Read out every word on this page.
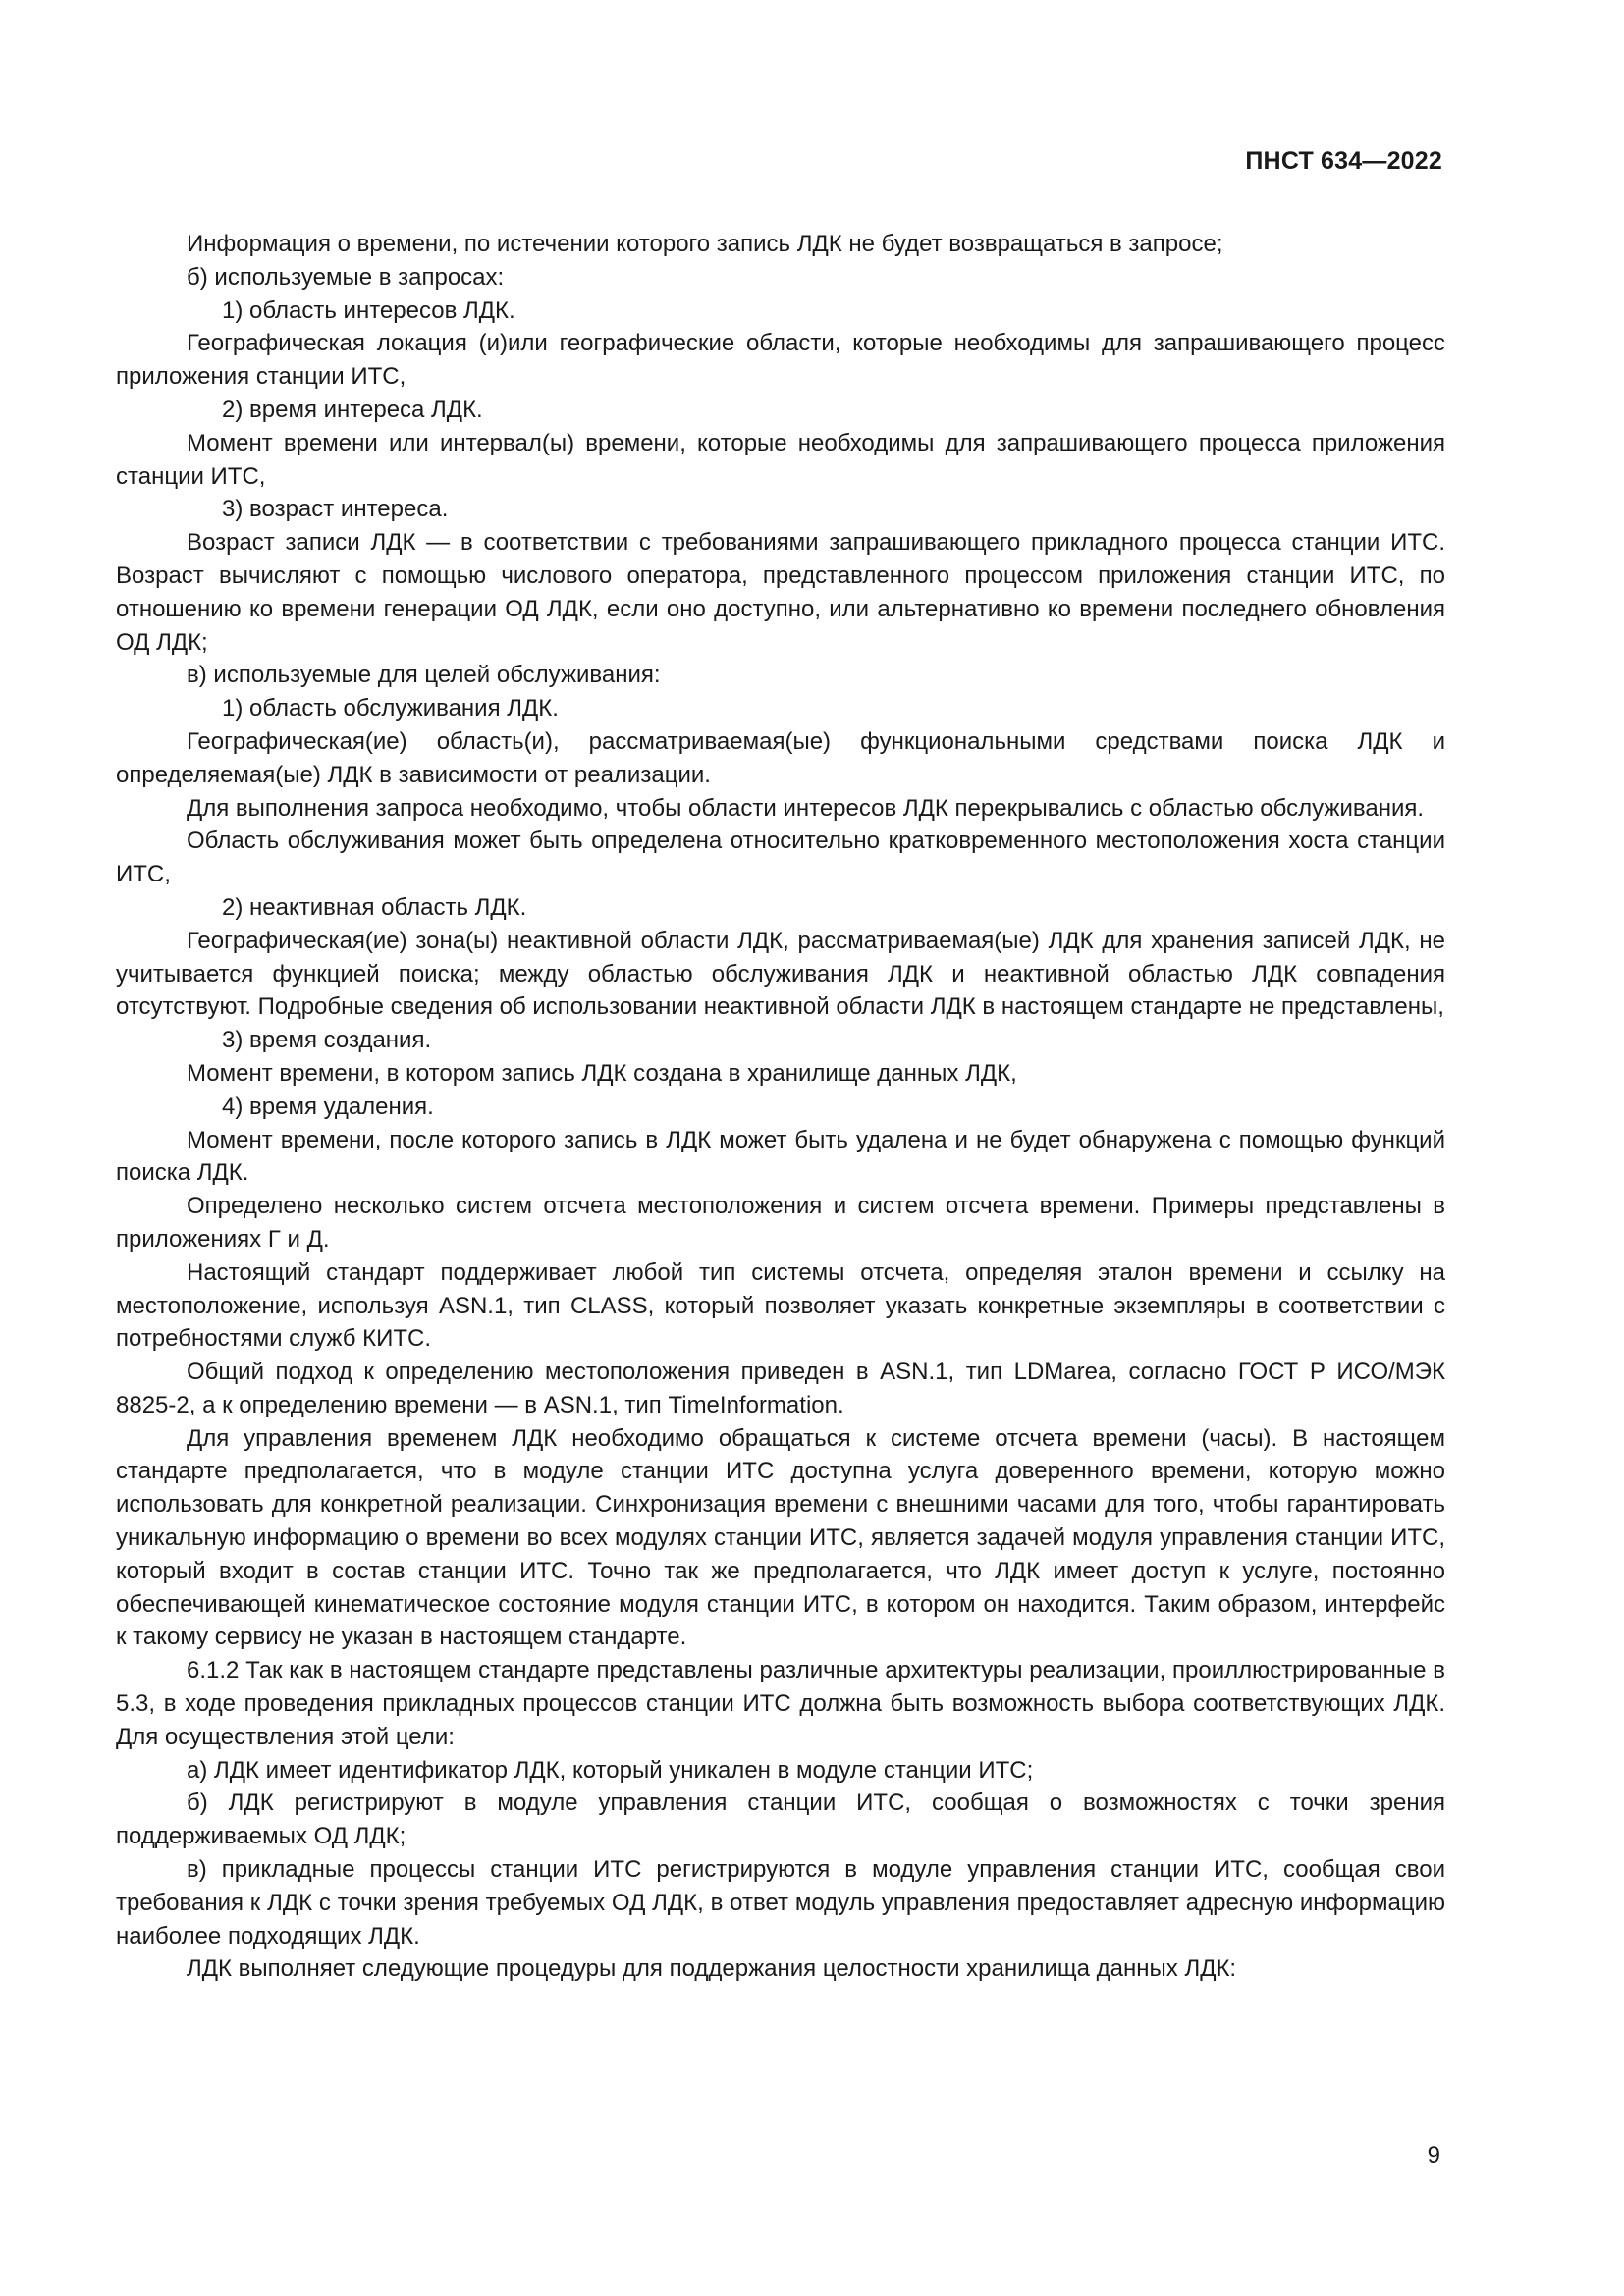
ПНСТ 634—2022

Информация о времени, по истечении которого запись ЛДК не будет возвращаться в запросе;

б) используемые в запросах:

1) область интересов ЛДК.

Географическая локация (и)или географические области, которые необходимы для запрашивающего процесс приложения станции ИТС,

2) время интереса ЛДК.

Момент времени или интервал(ы) времени, которые необходимы для запрашивающего процесса приложения станции ИТС,

3) возраст интереса.

Возраст записи ЛДК — в соответствии с требованиями запрашивающего прикладного процесса станции ИТС. Возраст вычисляют с помощью числового оператора, представленного процессом приложения станции ИТС, по отношению ко времени генерации ОД ЛДК, если оно доступно, или альтернативно ко времени последнего обновления ОД ЛДК;

в) используемые для целей обслуживания:

1) область обслуживания ЛДК.

Географическая(ие) область(и), рассматриваемая(ые) функциональными средствами поиска ЛДК и определяемая(ые) ЛДК в зависимости от реализации.

Для выполнения запроса необходимо, чтобы области интересов ЛДК перекрывались с областью обслуживания.

Область обслуживания может быть определена относительно кратковременного местоположения хоста станции ИТС,

2) неактивная область ЛДК.

Географическая(ие) зона(ы) неактивной области ЛДК, рассматриваемая(ые) ЛДК для хранения записей ЛДК, не учитывается функцией поиска; между областью обслуживания ЛДК и неактивной областью ЛДК совпадения отсутствуют. Подробные сведения об использовании неактивной области ЛДК в настоящем стандарте не представлены,

3) время создания.

Момент времени, в котором запись ЛДК создана в хранилище данных ЛДК,

4) время удаления.

Момент времени, после которого запись в ЛДК может быть удалена и не будет обнаружена с помощью функций поиска ЛДК.

Определено несколько систем отсчета местоположения и систем отсчета времени. Примеры представлены в приложениях Г и Д.

Настоящий стандарт поддерживает любой тип системы отсчета, определяя эталон времени и ссылку на местоположение, используя ASN.1, тип CLASS, который позволяет указать конкретные экземпляры в соответствии с потребностями служб КИТС.

Общий подход к определению местоположения приведен в ASN.1, тип LDMarea, согласно ГОСТ Р ИСО/МЭК 8825-2, а к определению времени — в ASN.1, тип TimeInformation.

Для управления временем ЛДК необходимо обращаться к системе отсчета времени (часы). В настоящем стандарте предполагается, что в модуле станции ИТС доступна услуга доверенного времени, которую можно использовать для конкретной реализации. Синхронизация времени с внешними часами для того, чтобы гарантировать уникальную информацию о времени во всех модулях станции ИТС, является задачей модуля управления станции ИТС, который входит в состав станции ИТС. Точно так же предполагается, что ЛДК имеет доступ к услуге, постоянно обеспечивающей кинематическое состояние модуля станции ИТС, в котором он находится. Таким образом, интерфейс к такому сервису не указан в настоящем стандарте.

6.1.2 Так как в настоящем стандарте представлены различные архитектуры реализации, проиллюстрированные в 5.3, в ходе проведения прикладных процессов станции ИТС должна быть возможность выбора соответствующих ЛДК. Для осуществления этой цели:

а) ЛДК имеет идентификатор ЛДК, который уникален в модуле станции ИТС;

б) ЛДК регистрируют в модуле управления станции ИТС, сообщая о возможностях с точки зрения поддерживаемых ОД ЛДК;

в) прикладные процессы станции ИТС регистрируются в модуле управления станции ИТС, сообщая свои требования к ЛДК с точки зрения требуемых ОД ЛДК, в ответ модуль управления предоставляет адресную информацию наиболее подходящих ЛДК.

ЛДК выполняет следующие процедуры для поддержания целостности хранилища данных ЛДК:

9
